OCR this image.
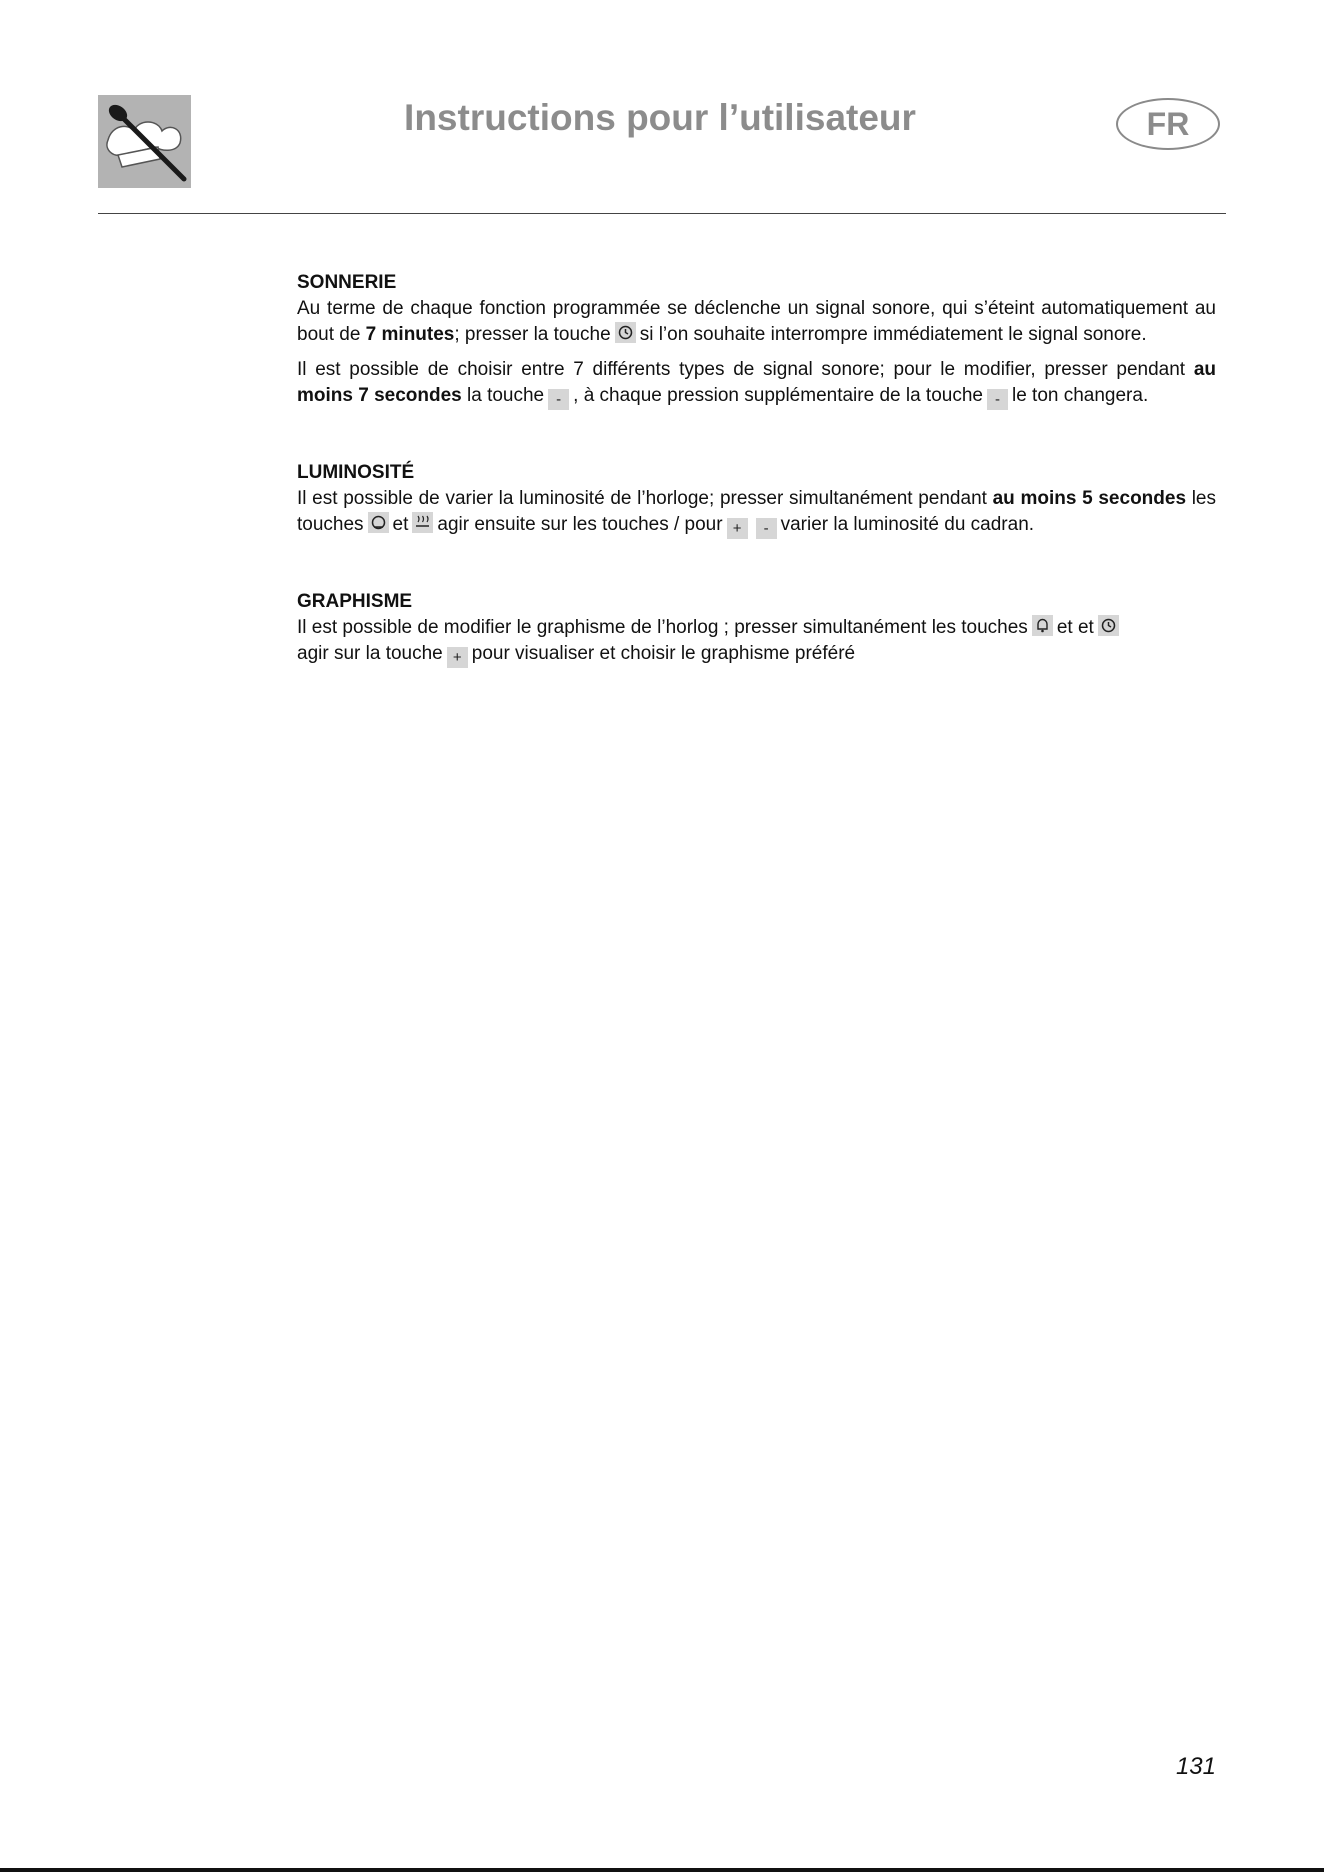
Instructions pour l’utilisateur	FR
SONNERIE

Au terme de chaque fonction programmée se déclenche un signal sonore, qui s’éteint automatiquement au bout de 7 minutes; presser la touche si l’on souhaite interrompre immédiatement le signal sonore.

Il est possible de choisir entre 7 différents types de signal sonore; pour le modifier, presser pendant au moins 7 secondes la touche - , à chaque pression supplémentaire de la touche - le ton changera.

LUMINOSITÉ

Il est possible de varier la luminosité de l’horloge; presser simultanément pendant au moins 5 secondes les touches et agir ensuite sur les touches / pour + - varier la luminosité du cadran.

GRAPHISME

Il est possible de modifier le graphisme de l’horlog ; presser simultanément les touches et et

agir sur la touche + pour visualiser et choisir le graphisme préféré

131
